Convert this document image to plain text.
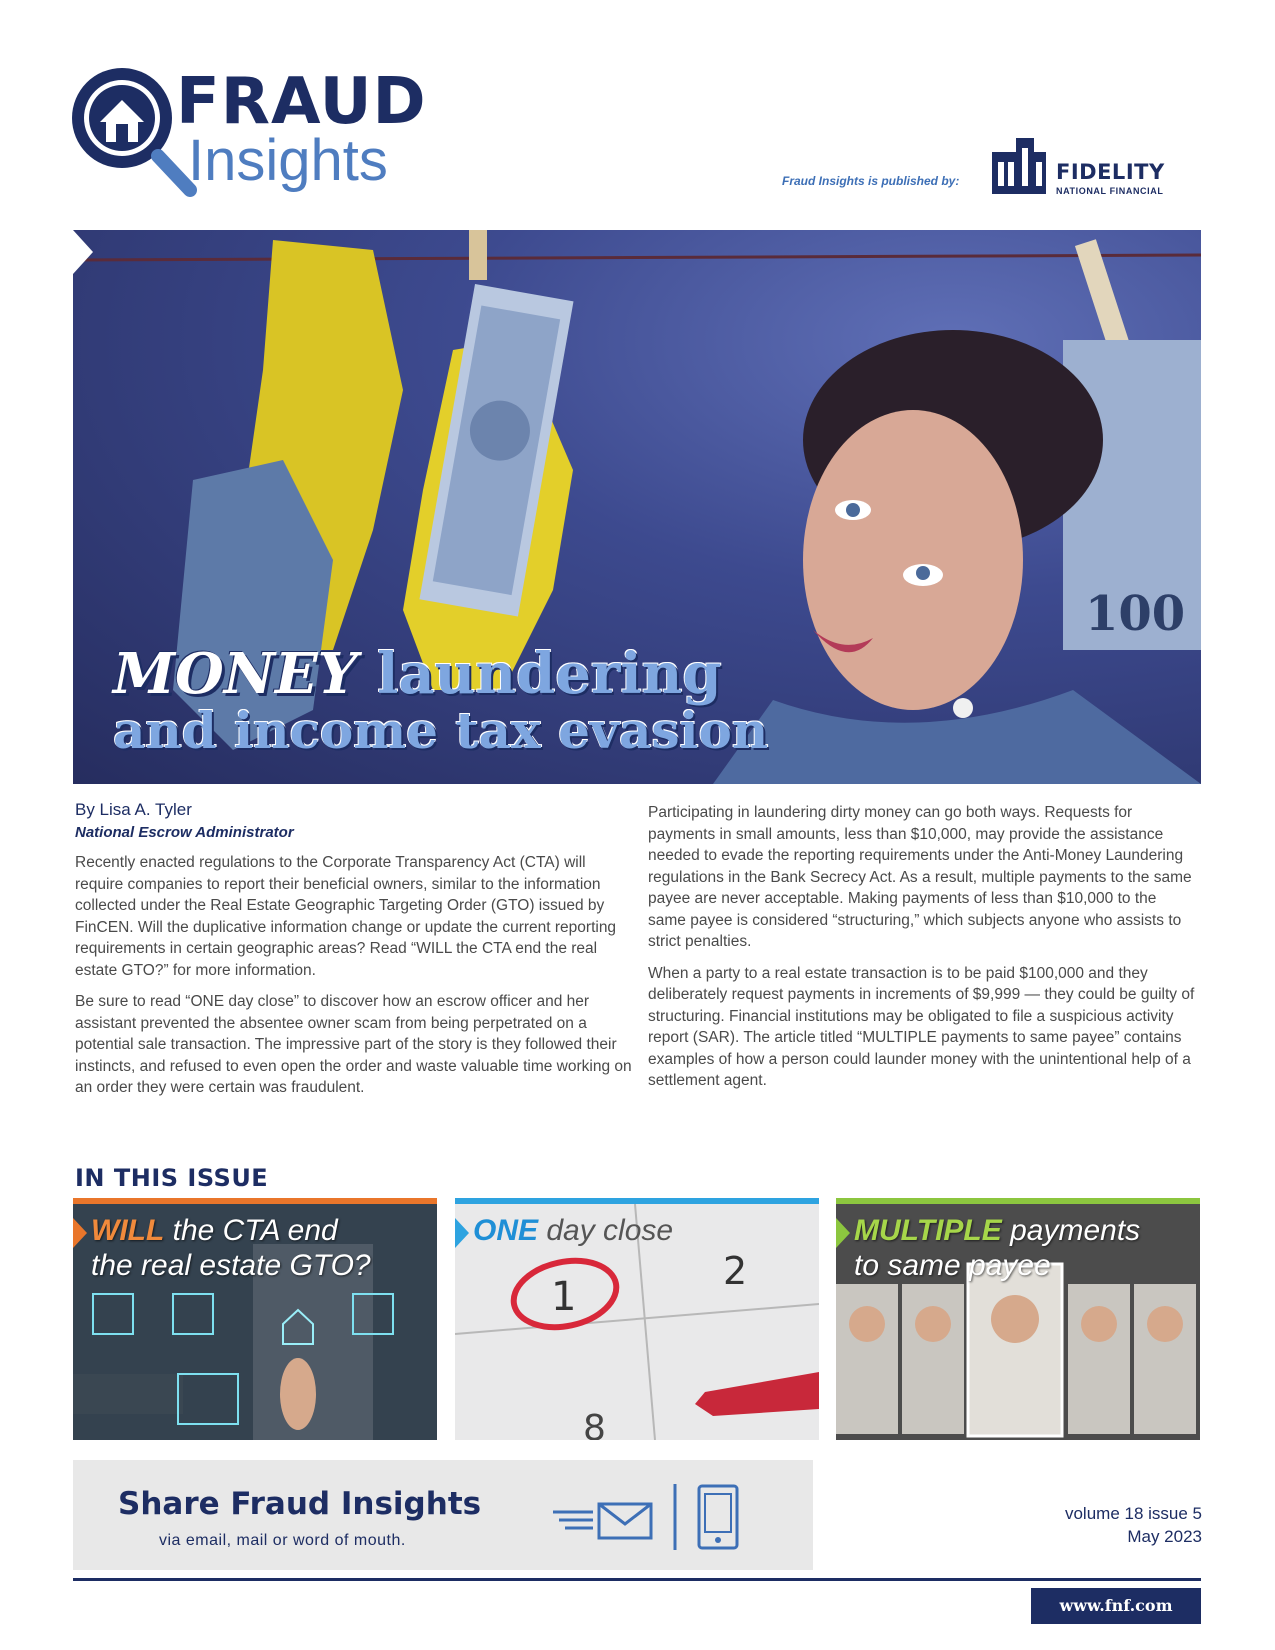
FRAUD
Insights	Fraud Insights is published by:	FIDELITY
NATIONAL FINANCIAL
100
MONEY laundering
and income tax evasion
By Lisa A. Tyler
National Escrow Administrator

Recently enacted regulations to the Corporate Transparency Act (CTA) will require companies to report their beneficial owners, similar to the information collected under the Real Estate Geographic Targeting Order (GTO) issued by FinCEN. Will the duplicative information change or update the current reporting requirements in certain geographic areas? Read “WILL the CTA end the real estate GTO?” for more information.

Be sure to read “ONE day close” to discover how an escrow officer and her assistant prevented the absentee owner scam from being perpetrated on a potential sale transaction. The impressive part of the story is they followed their instincts, and refused to even open the order and waste valuable time working on an order they were certain was fraudulent.

Participating in laundering dirty money can go both ways. Requests for payments in small amounts, less than $10,000, may provide the assistance needed to evade the reporting requirements under the Anti-Money Laundering regulations in the Bank Secrecy Act. As a result, multiple payments to the same payee are never acceptable. Making payments of less than $10,000 to the same payee is considered “structuring,” which subjects anyone who assists to strict penalties.

When a party to a real estate transaction is to be paid $100,000 and they deliberately request payments in increments of $9,999 — they could be guilty of structuring. Financial institutions may be obligated to file a suspicious activity report (SAR). The article titled “MULTIPLE payments to same payee” contains examples of how a person could launder money with the unintentional help of a settlement agent.

IN THIS ISSUE
WILL the CTA end
the real estate GTO?
1
2
8
ONE day close	MULTIPLE payments
to same payee
Share Fraud Insights
via email, mail or word of mouth.
volume 18 issue 5
May 2023
www.fnf.com
